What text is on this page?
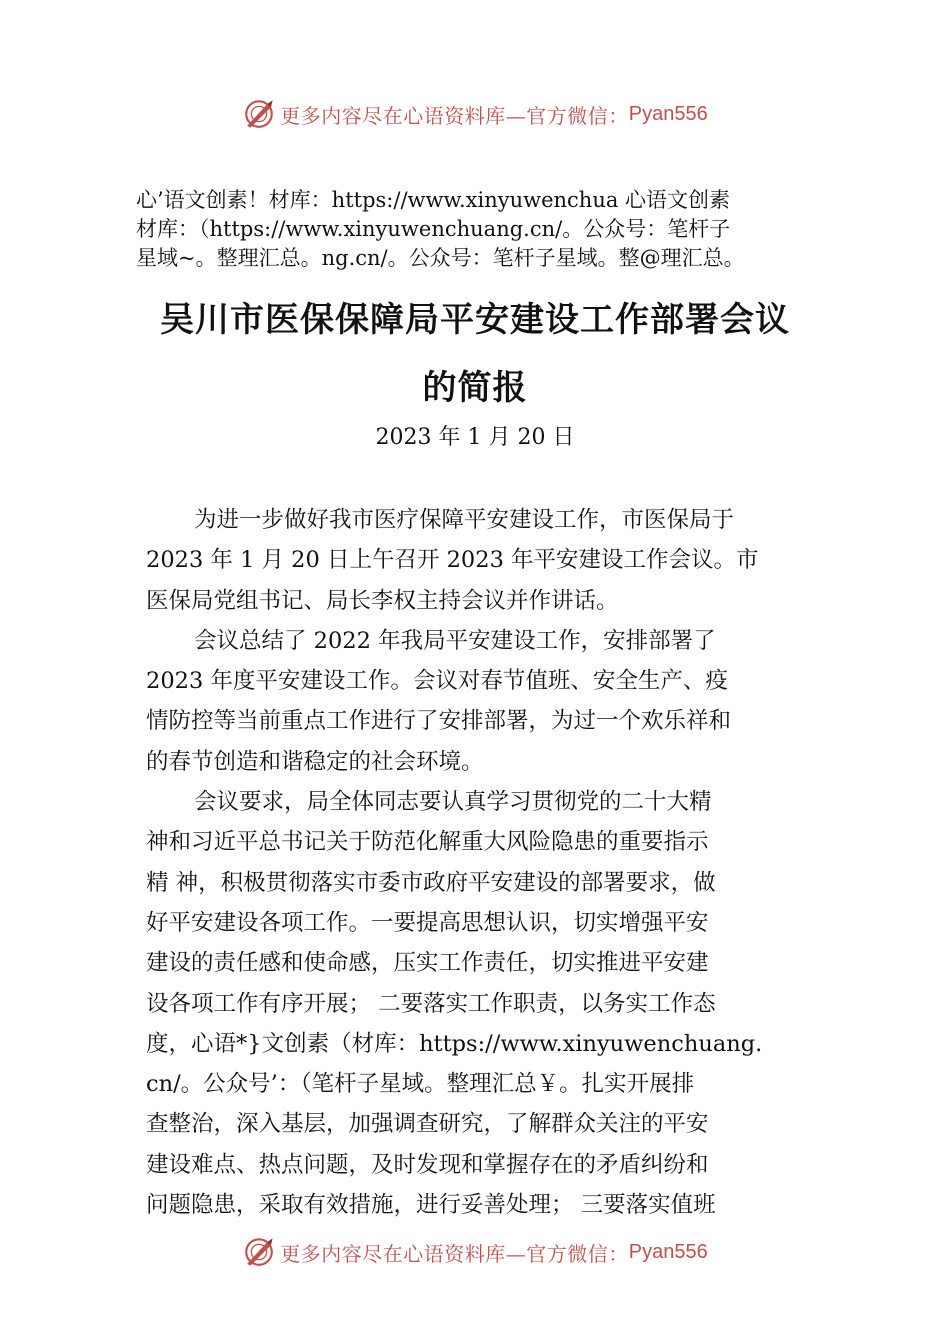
更多内容尽在心语资料库—官方微信： Pyan556
心’语文创素！材库：https://www.xinyuwenchua 心语文创素
材库：（https://www.xinyuwenchuang.cn/。公众号：笔杆子
星域~。整理汇总。ng.cn/。公众号：笔杆子星域。整@理汇总。
吴川市医保保障局平安建设工作部署会议
的简报
2023 年 1 月 20 日
为进一步做好我市医疗保障平安建设工作，市医保局于
2023 年 1 月 20 日上午召开 2023 年平安建设工作会议。市
医保局党组书记、局长李权主持会议并作讲话。
会议总结了 2022 年我局平安建设工作，安排部署了
2023 年度平安建设工作。会议对春节值班、安全生产、疫
情防控等当前重点工作进行了安排部署，为过一个欢乐祥和
的春节创造和谐稳定的社会环境。
会议要求，局全体同志要认真学习贯彻党的二十大精
神和习近平总书记关于防范化解重大风险隐患的重要指示
精 神，积极贯彻落实市委市政府平安建设的部署要求，做
好平安建设各项工作。一要提高思想认识，切实增强平安
建设的责任感和使命感，压实工作责任，切实推进平安建
设各项工作有序开展； 二要落实工作职责，以务实工作态
度，心语*}文创素（材库：https://www.xinyuwenchuang.
cn/。公众号’：（笔杆子星域。整理汇总￥。扎实开展排
查整治，深入基层，加强调查研究，了解群众关注的平安
建设难点、热点问题，及时发现和掌握存在的矛盾纠纷和
问题隐患，采取有效措施，进行妥善处理； 三要落实值班
更多内容尽在心语资料库—官方微信： Pyan556
